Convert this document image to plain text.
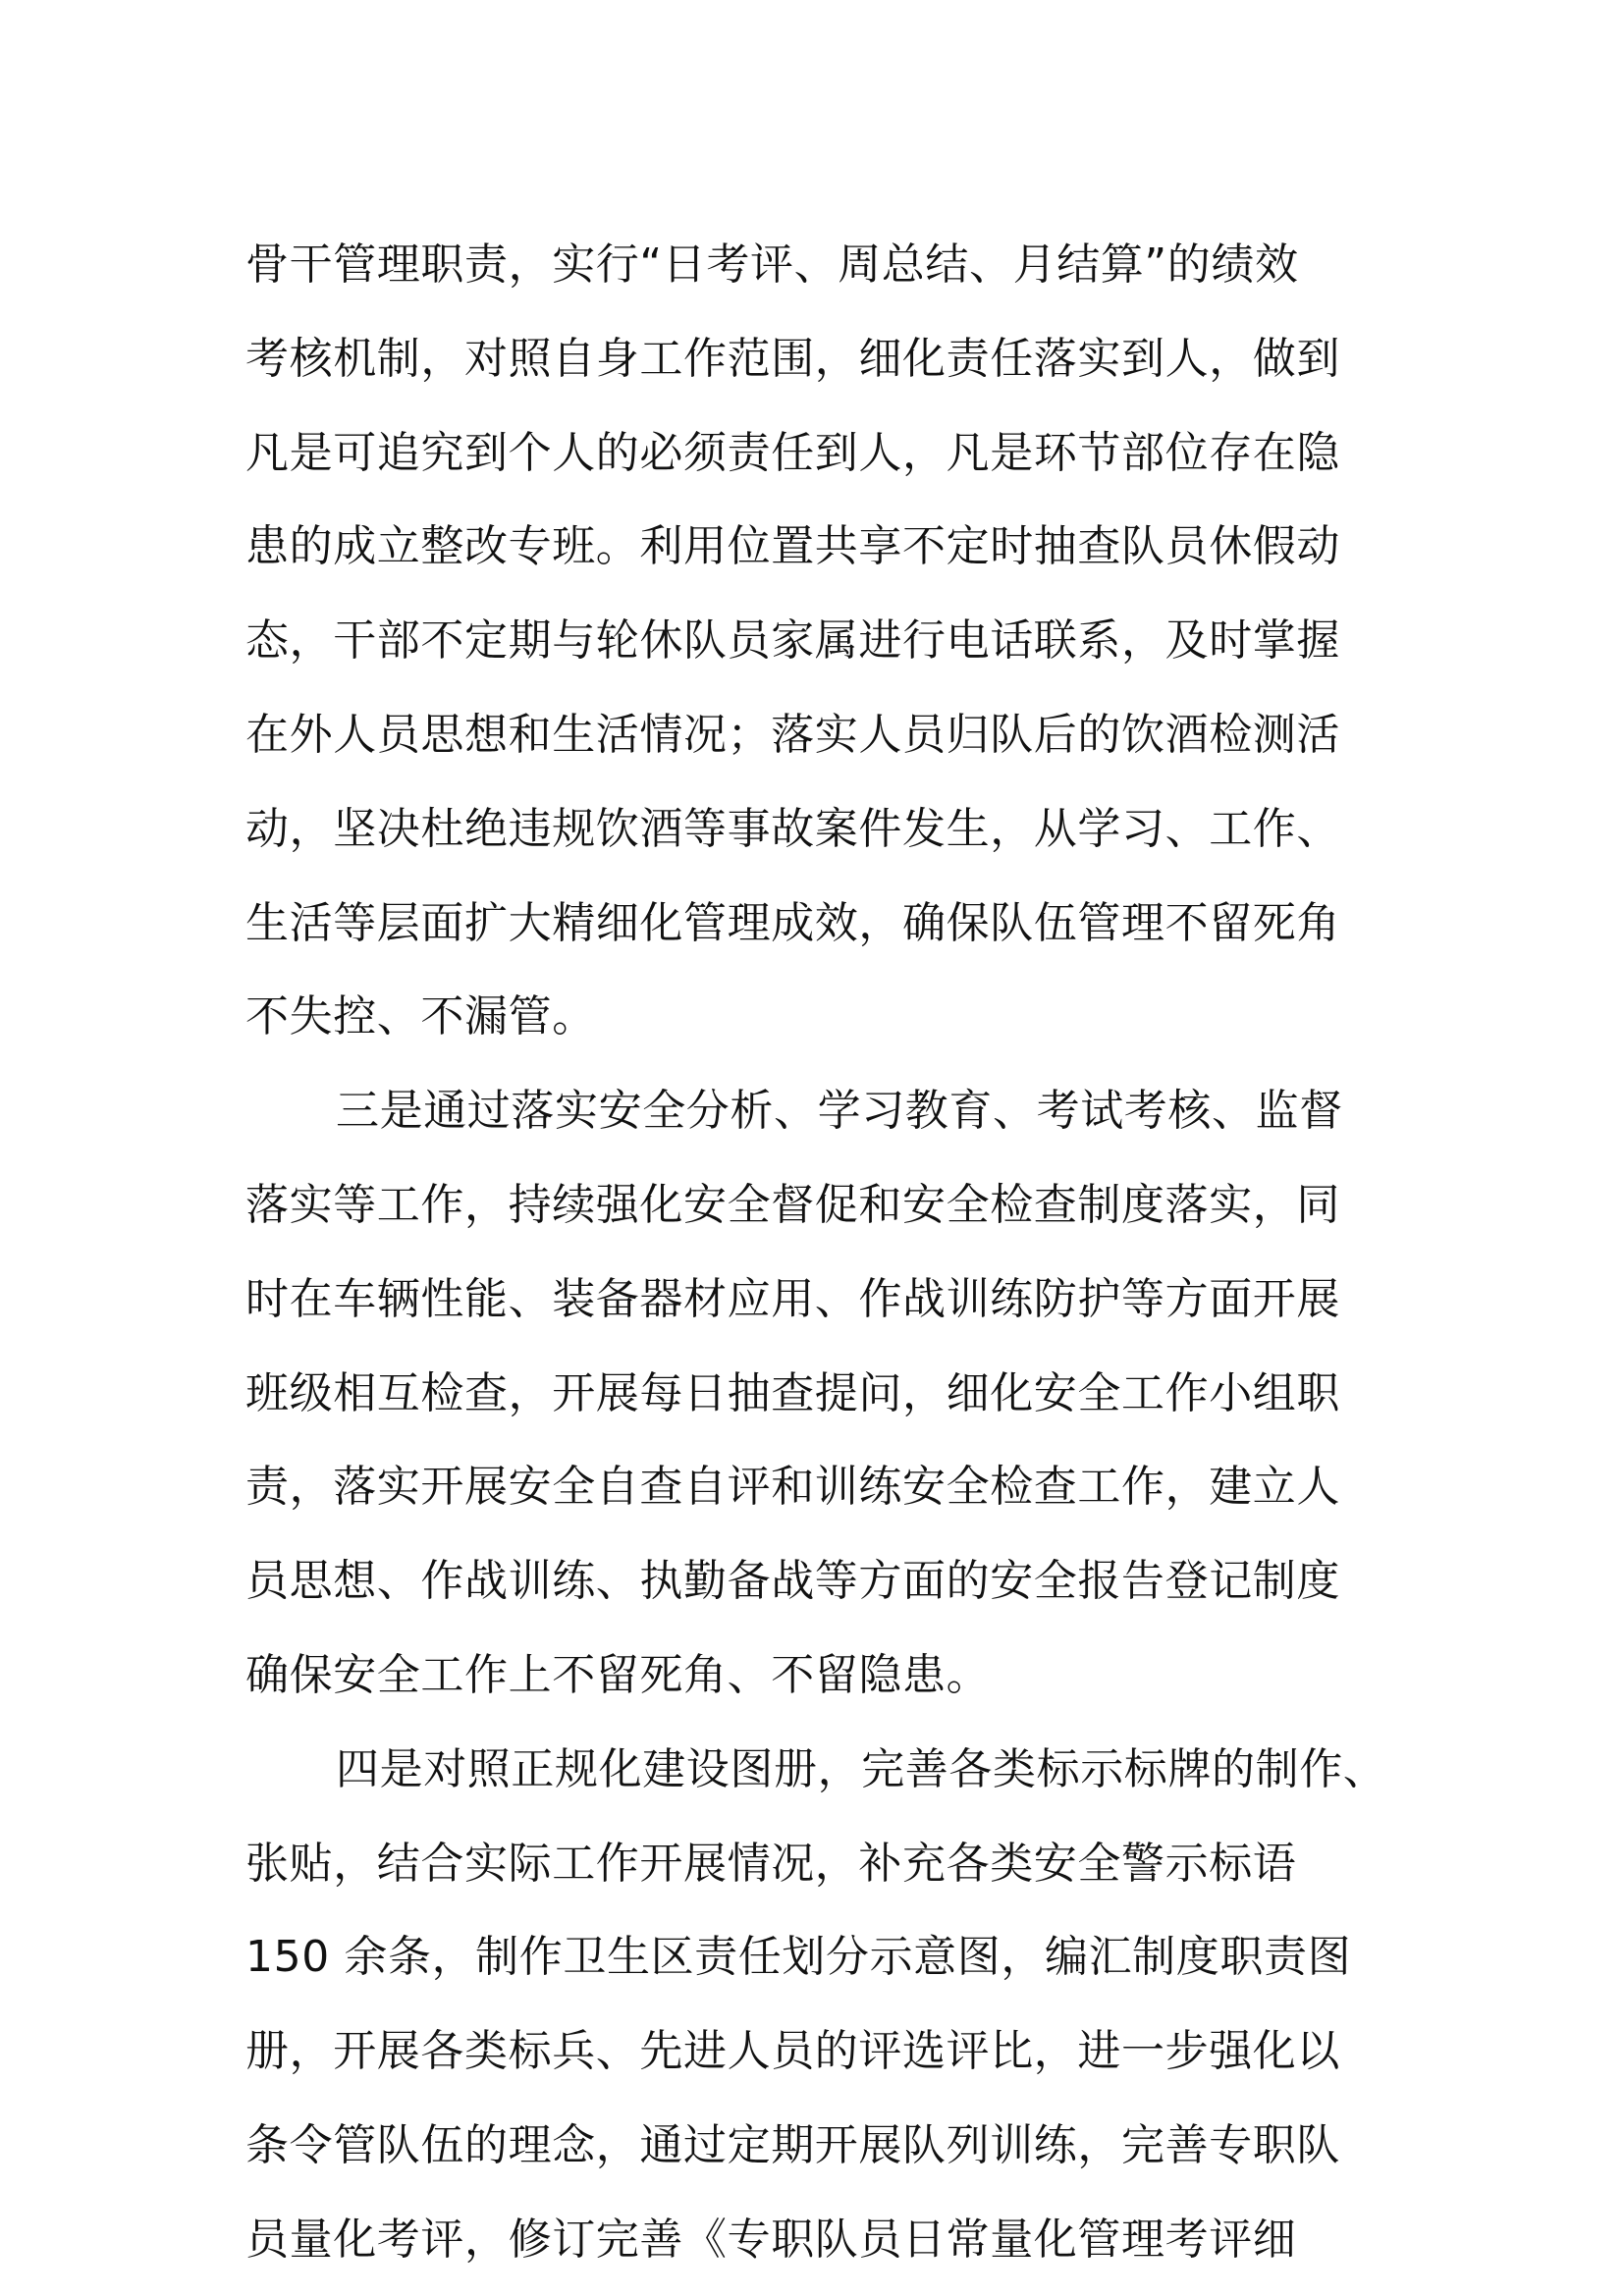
骨干管理职责，实行“日考评、周总结、月结算”的绩效
考核机制，对照自身工作范围，细化责任落实到人，做到
凡是可追究到个人的必须责任到人，凡是环节部位存在隐
患的成立整改专班。利用位置共享不定时抽查队员休假动
态，干部不定期与轮休队员家属进行电话联系，及时掌握
在外人员思想和生活情况；落实人员归队后的饮酒检测活
动，坚决杜绝违规饮酒等事故案件发生，从学习、工作、
生活等层面扩大精细化管理成效，确保队伍管理不留死角
不失控、不漏管。
三是通过落实安全分析、学习教育、考试考核、监督
落实等工作，持续强化安全督促和安全检查制度落实，同
时在车辆性能、装备器材应用、作战训练防护等方面开展
班级相互检查，开展每日抽查提问，细化安全工作小组职
责，落实开展安全自查自评和训练安全检查工作，建立人
员思想、作战训练、执勤备战等方面的安全报告登记制度
确保安全工作上不留死角、不留隐患。
四是对照正规化建设图册，完善各类标示标牌的制作、
张贴，结合实际工作开展情况，补充各类安全警示标语
150 余条，制作卫生区责任划分示意图，编汇制度职责图
册，开展各类标兵、先进人员的评选评比，进一步强化以
条令管队伍的理念，通过定期开展队列训练，完善专职队
员量化考评，修订完善《专职队员日常量化管理考评细
